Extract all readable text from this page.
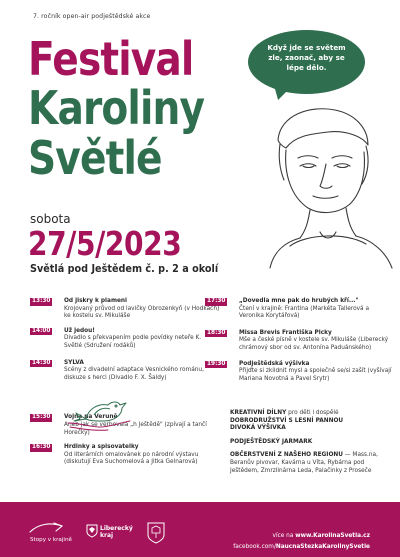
7. ročník open-air podještědské akce
Festival
Karoliny
Světlé
Když jde se světem zle, zaonač, aby se lépe dělo.
sobota
27/5/2023
Světlá pod Ještědem č. p. 2 a okolí
13:30 Od jiskry k plameni
Krojovaný průvod od lavičky Obrozenkyň (v Hodkách) ke kostelu sv. Mikuláše
14:00 Už jedou!
Divadlo s překvapením podle povídky neteře K. Světlé (Sdružení rodáků)
14:30 SYLVA
Scény z divadelní adaptace Vesnického románu, diskuze s herci (Divadlo F. X. Šaldy)
15:30 Vojna na Veruně
Aneb jak se verbovala „h Ještědě" (zpívají a tančí Horečky)
16:30 Hrdinky a spisovatelky
Od literárních omalovánek po národní výstavu (diskutují Eva Suchomelová a Jitka Gelnarová)
17:30 „Dovedla mne pak do hrubých kří..."
Čtení v krajině: Frantina (Markéta Tallerová a Veronika Korytářová)
18:30 Missa Brevis Františka Picky
Mše a české písně v kostele sv. Mikuláše (Liberecký chrámový sbor od sv. Antonína Paduánského)
19:30 Podještědská výšivka
Přijďte si zkildnit mysl a společně se/si zašít (vyšívají Mariana Novotná a Pavel Srytr)

KREATIVNÍ DÍLNY pro děti i dospělé
DOBRODRUŽSTVÍ S LESNÍ PANNOU
DIVOKÁ VÝŠIVKA

PODJEŠTĚDSKÝ JARMARK

OBČERSTVENÍ Z NAŠEHO REGIONU — Mass.na, Beranův pivovar, Kavárna u Víta, Rybárna pod Ještědem, Zmrzlinárna Leda, Palačinky z Proseče

Stopy v krajině
Liberecký
kraj	více na www.KarolinaSvetla.cz
facebook.com/NaucnaStezkaKarolinySvetle
